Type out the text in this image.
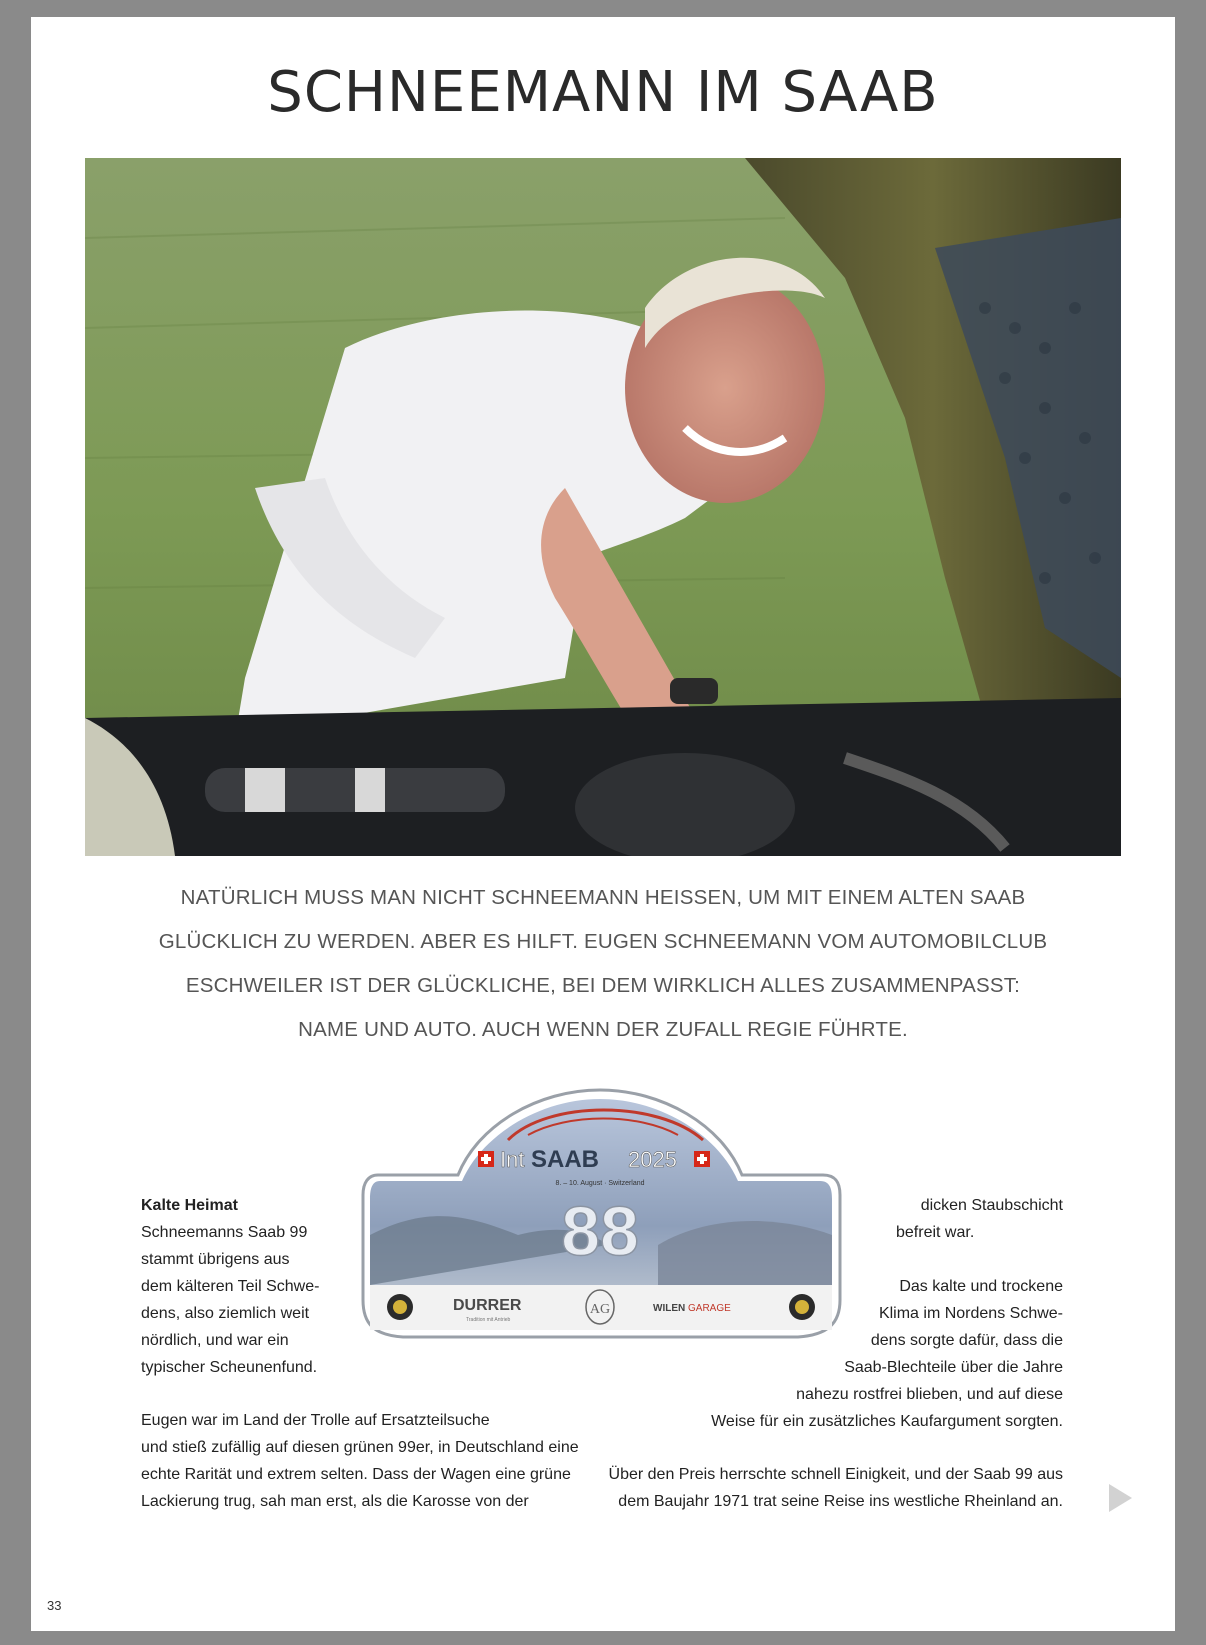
SCHNEEMANN IM SAAB
NATÜRLICH MUSS MAN NICHT SCHNEEMANN HEISSEN, UM MIT EINEM ALTEN SAAB
GLÜCKLICH ZU WERDEN. ABER ES HILFT. EUGEN SCHNEEMANN VOM AUTOMOBILCLUB
ESCHWEILER IST DER GLÜCKLICHE, BEI DEM WIRKLICH ALLES ZUSAMMENPASST:
NAME UND AUTO. AUCH WENN DER ZUFALL REGIE FÜHRTE.
Int SAAB 2025
8. – 10. August · Switzerland
88
DURRER
Tradition mit Antrieb
AG	WILEN GARAGE
Kalte Heimat
Schneemanns Saab 99
stammt übrigens aus
dem kälteren Teil Schwe-
dens, also ziemlich weit
nördlich, und war ein
typischer Scheunenfund.
Eugen war im Land der Trolle auf Ersatzteilsuche
und stieß zufällig auf diesen grünen 99er, in Deutschland eine
echte Rarität und extrem selten. Dass der Wagen eine grüne
Lackierung trug, sah man erst, als die Karosse von der
dicken Staubschicht
befreit war.
Das kalte und trockene
Klima im Nordens Schwe-
dens sorgte dafür, dass die
Saab-Blechteile über die Jahre
nahezu rostfrei blieben, und auf diese
Weise für ein zusätzliches Kaufargument sorgten.
Über den Preis herrschte schnell Einigkeit, und der Saab 99 aus
dem Baujahr 1971 trat seine Reise ins westliche Rheinland an.
33
